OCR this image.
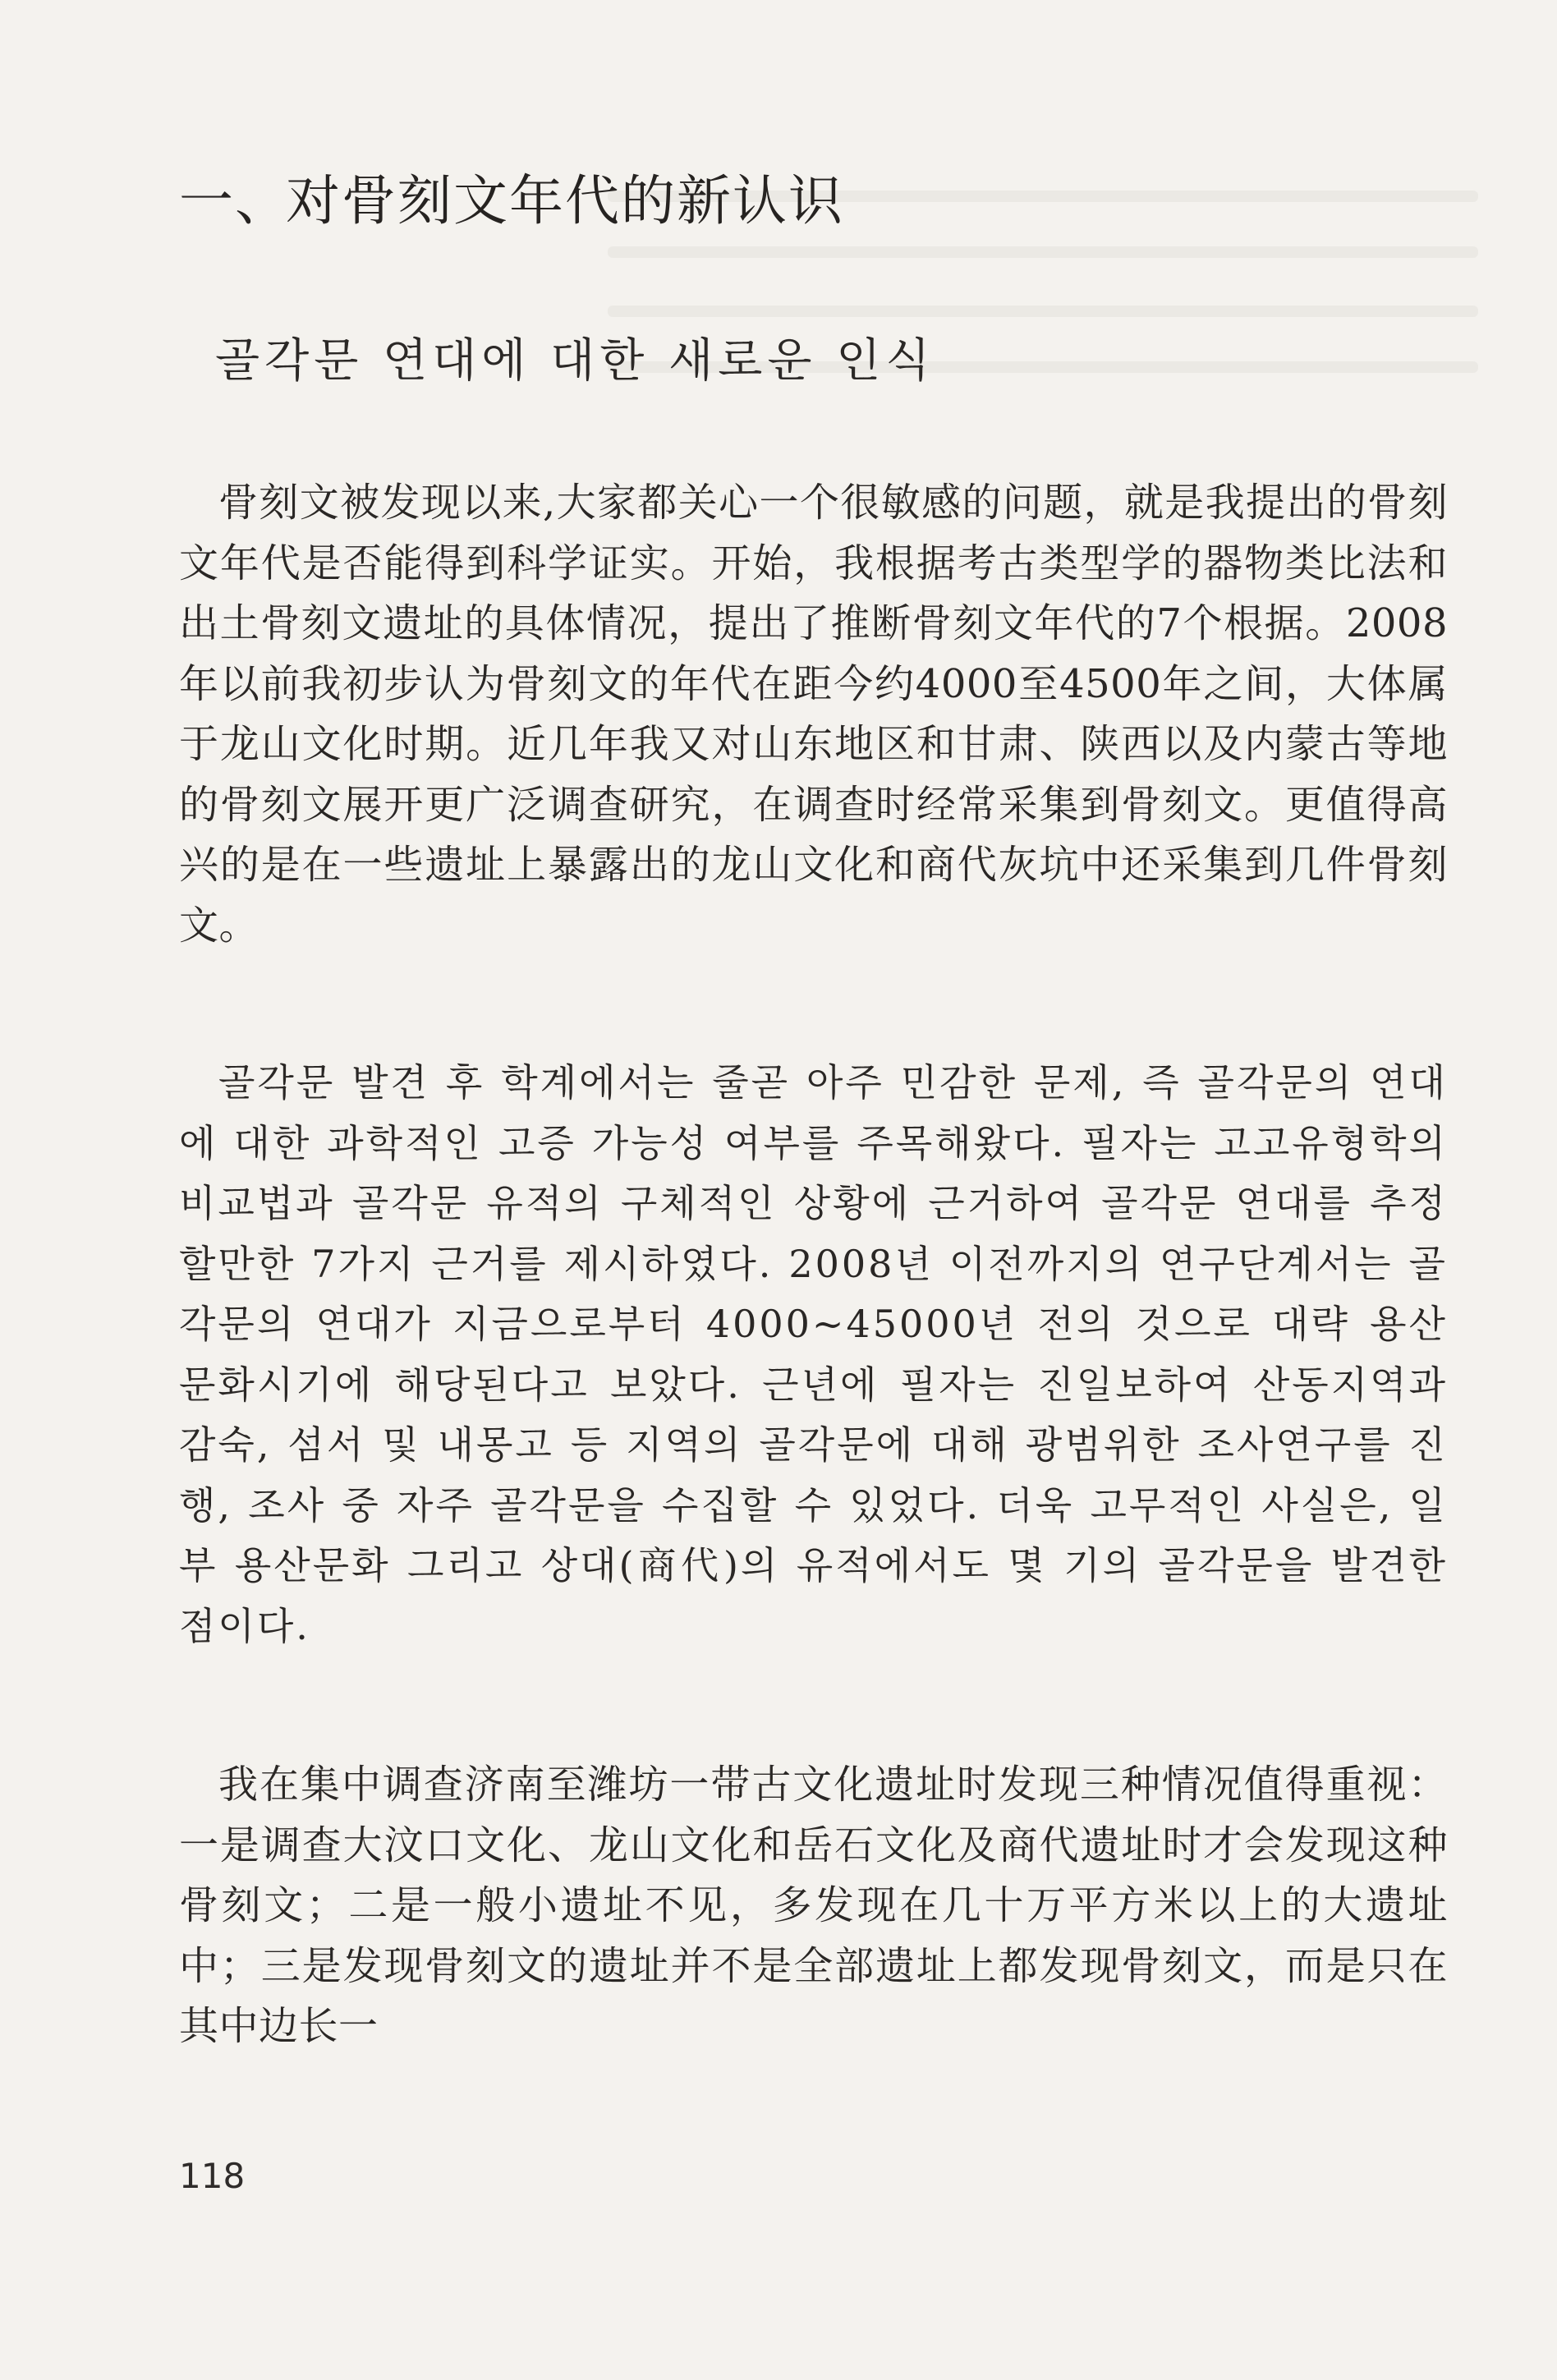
一、对骨刻文年代的新认识
골각문 연대에 대한 새로운 인식

骨刻文被发现以来,大家都关心一个很敏感的问题，就是我提出的骨刻文年代是否能得到科学证实。开始，我根据考古类型学的器物类比法和出土骨刻文遗址的具体情况，提出了推断骨刻文年代的7个根据。2008年以前我初步认为骨刻文的年代在距今约4000至4500年之间，大体属于龙山文化时期。近几年我又对山东地区和甘肃、陕西以及内蒙古等地的骨刻文展开更广泛调查研究，在调查时经常采集到骨刻文。更值得高兴的是在一些遗址上暴露出的龙山文化和商代灰坑中还采集到几件骨刻文。

골각문 발견 후 학계에서는 줄곧 아주 민감한 문제, 즉 골각문의 연대에 대한 과학적인 고증 가능성 여부를 주목해왔다. 필자는 고고유형학의 비교법과 골각문 유적의 구체적인 상황에 근거하여 골각문 연대를 추정할만한 7가지 근거를 제시하였다. 2008년 이전까지의 연구단계서는 골각문의 연대가 지금으로부터 4000~45000년 전의 것으로 대략 용산문화시기에 해당된다고 보았다. 근년에 필자는 진일보하여 산동지역과 감숙, 섬서 및 내몽고 등 지역의 골각문에 대해 광범위한 조사연구를 진행, 조사 중 자주 골각문을 수집할 수 있었다. 더욱 고무적인 사실은, 일부 용산문화 그리고 상대(商代)의 유적에서도 몇 기의 골각문을 발견한 점이다.

我在集中调查济南至潍坊一带古文化遗址时发现三种情况值得重视：一是调查大汶口文化、龙山文化和岳石文化及商代遗址时才会发现这种骨刻文；二是一般小遗址不见，多发现在几十万平方米以上的大遗址中；三是发现骨刻文的遗址并不是全部遗址上都发现骨刻文，而是只在其中边长一

118
